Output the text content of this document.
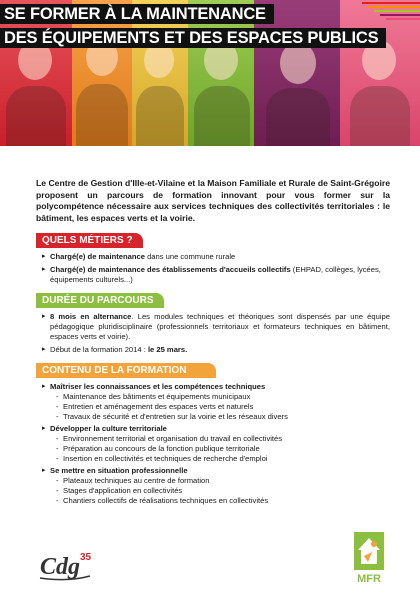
SE FORMER À LA MAINTENANCE
DES ÉQUIPEMENTS ET DES ESPACES PUBLICS

Le Centre de Gestion d'Ille-et-Vilaine et la Maison Familiale et Rurale de Saint-Grégoire proposent un parcours de formation innovant pour vous former sur la polycompétence nécessaire aux services techniques des collectivités territoriales : le bâtiment, les espaces verts et la voirie.

QUELS MÉTIERS ?
▸ Chargé(e) de maintenance dans une commune rurale
▸ Chargé(e) de maintenance des établissements d'accueils collectifs (EHPAD, collèges, lycées, équipements culturels...)
DURÉE DU PARCOURS
▸ 8 mois en alternance. Les modules techniques et théoriques sont dispensés par une équipe pédagogique pluridisciplinaire (professionnels territoriaux et formateurs techniques en bâtiment, espaces verts et voirie).
▸ Début de la formation 2014 : le 25 mars.
CONTENU DE LA FORMATION
▸ Maîtriser les connaissances et les compétences techniques
- Maintenance des bâtiments et équipements municipaux
- Entretien et aménagement des espaces verts et naturels
- Travaux de sécurité et d'entretien sur la voirie et les réseaux divers
▸ Développer la culture territoriale
- Environnement territorial et organisation du travail en collectivités
- Préparation au concours de la fonction publique territoriale
- Insertion en collectivités et techniques de recherche d'emploi
▸ Se mettre en situation professionnelle
- Plateaux techniques au centre de formation
- Stages d'application en collectivités
- Chantiers collectifs de réalisations techniques en collectivités
Cdg 35
MFR
